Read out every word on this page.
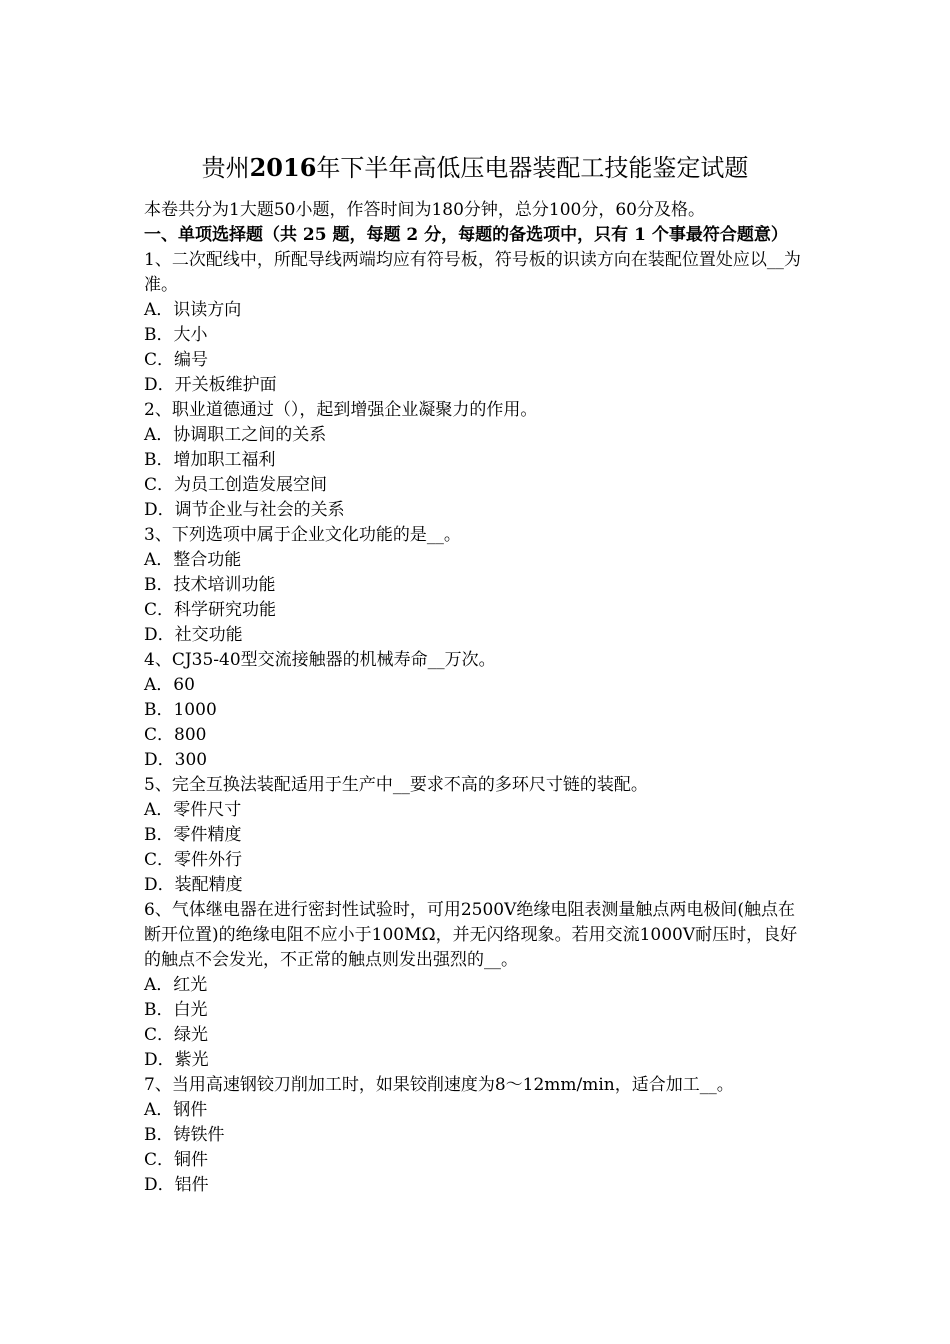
贵州2016年下半年高低压电器装配工技能鉴定试题
本卷共分为1大题50小题，作答时间为180分钟，总分100分，60分及格。
一、单项选择题（共 25 题，每题 2 分，每题的备选项中，只有 1 个事最符合题意）
1、二次配线中，所配导线两端均应有符号板，符号板的识读方向在装配位置处应以__为准。
A．识读方向
B．大小
C．编号
D．开关板维护面
2、职业道德通过（），起到增强企业凝聚力的作用。
A．协调职工之间的关系
B．增加职工福利
C．为员工创造发展空间
D．调节企业与社会的关系
3、下列选项中属于企业文化功能的是__。
A．整合功能
B．技术培训功能
C．科学研究功能
D．社交功能
4、CJ35-40型交流接触器的机械寿命__万次。
A．60
B．1000
C．800
D．300
5、完全互换法装配适用于生产中__要求不高的多环尺寸链的装配。
A．零件尺寸
B．零件精度
C．零件外行
D．装配精度
6、气体继电器在进行密封性试验时，可用2500V绝缘电阻表测量触点两电极间(触点在断开位置)的绝缘电阻不应小于100MΩ，并无闪络现象。若用交流1000V耐压时，良好的触点不会发光，不正常的触点则发出强烈的__。
A．红光
B．白光
C．绿光
D．紫光
7、当用高速钢铰刀削加工时，如果铰削速度为8～12mm/min，适合加工__。
A．钢件
B．铸铁件
C．铜件
D．铝件
